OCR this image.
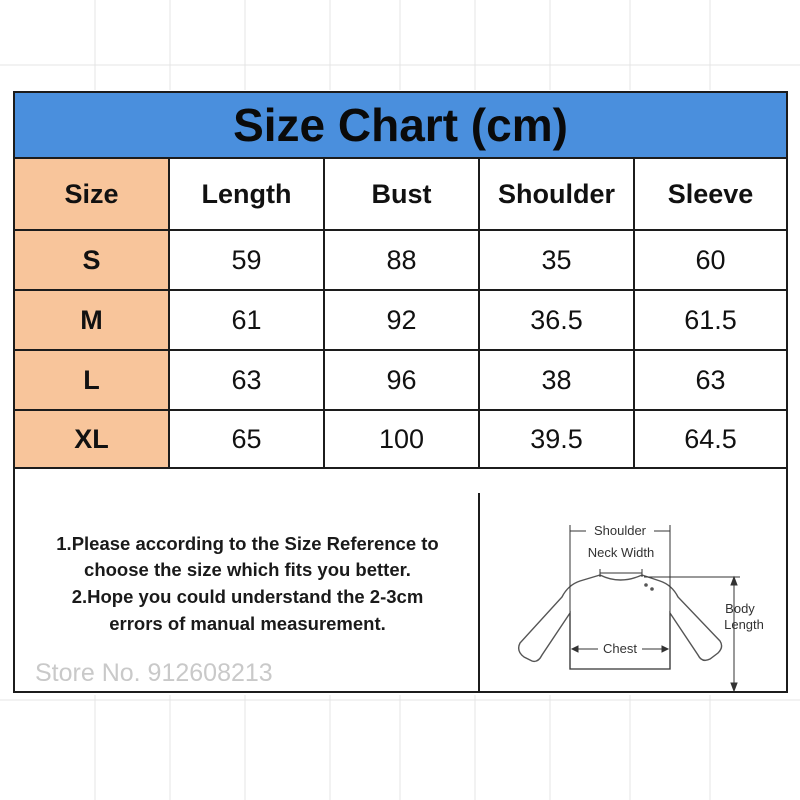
Size Chart (cm)
Size	Length	Bust	Shoulder	Sleeve
S	59	88	35	60
M	61	92	36.5	61.5
L	63	96	38	63
XL	65	100	39.5	64.5
1.Please according to the Size Reference to
choose the size which fits you better.
2.Hope you could understand the 2-3cm
errors of manual measurement.
Store No. 912608213
Shoulder
Neck Width
Chest
Body
Length
